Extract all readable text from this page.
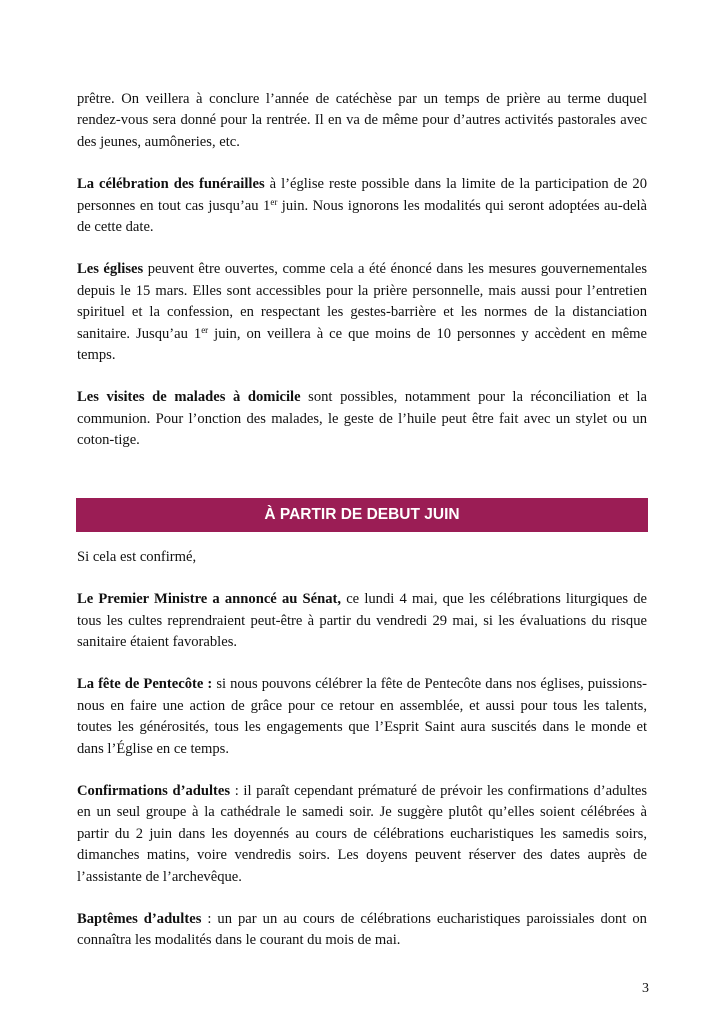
prêtre. On veillera à conclure l’année de catéchèse par un temps de prière au terme duquel rendez-vous sera donné pour la rentrée. Il en va de même pour d’autres activités pastorales avec des jeunes, aumôneries, etc.

La célébration des funérailles à l’église reste possible dans la limite de la participation de 20 personnes en tout cas jusqu’au 1er juin. Nous ignorons les modalités qui seront adoptées au-delà de cette date.

Les églises peuvent être ouvertes, comme cela a été énoncé dans les mesures gouvernementales depuis le 15 mars. Elles sont accessibles pour la prière personnelle, mais aussi pour l’entretien spirituel et la confession, en respectant les gestes-barrière et les normes de la distanciation sanitaire. Jusqu’au 1er juin, on veillera à ce que moins de 10 personnes y accèdent en même temps.

Les visites de malades à domicile sont possibles, notamment pour la réconciliation et la communion. Pour l’onction des malades, le geste de l’huile peut être fait avec un stylet ou un coton-tige.

À PARTIR DE DEBUT JUIN

Si cela est confirmé,

Le Premier Ministre a annoncé au Sénat, ce lundi 4 mai, que les célébrations liturgiques de tous les cultes reprendraient peut-être à partir du vendredi 29 mai, si les évaluations du risque sanitaire étaient favorables.

La fête de Pentecôte : si nous pouvons célébrer la fête de Pentecôte dans nos églises, puissions-nous en faire une action de grâce pour ce retour en assemblée, et aussi pour tous les talents, toutes les générosités, tous les engagements que l’Esprit Saint aura suscités dans le monde et dans l’Église en ce temps.

Confirmations d’adultes : il paraît cependant prématuré de prévoir les confirmations d’adultes en un seul groupe à la cathédrale le samedi soir. Je suggère plutôt qu’elles soient célébrées à partir du 2 juin dans les doyennés au cours de célébrations eucharistiques les samedis soirs, dimanches matins, voire vendredis soirs. Les doyens peuvent réserver des dates auprès de l’assistante de l’archevêque.

Baptêmes d’adultes : un par un au cours de célébrations eucharistiques paroissiales dont on connaîtra les modalités dans le courant du mois de mai.

3
